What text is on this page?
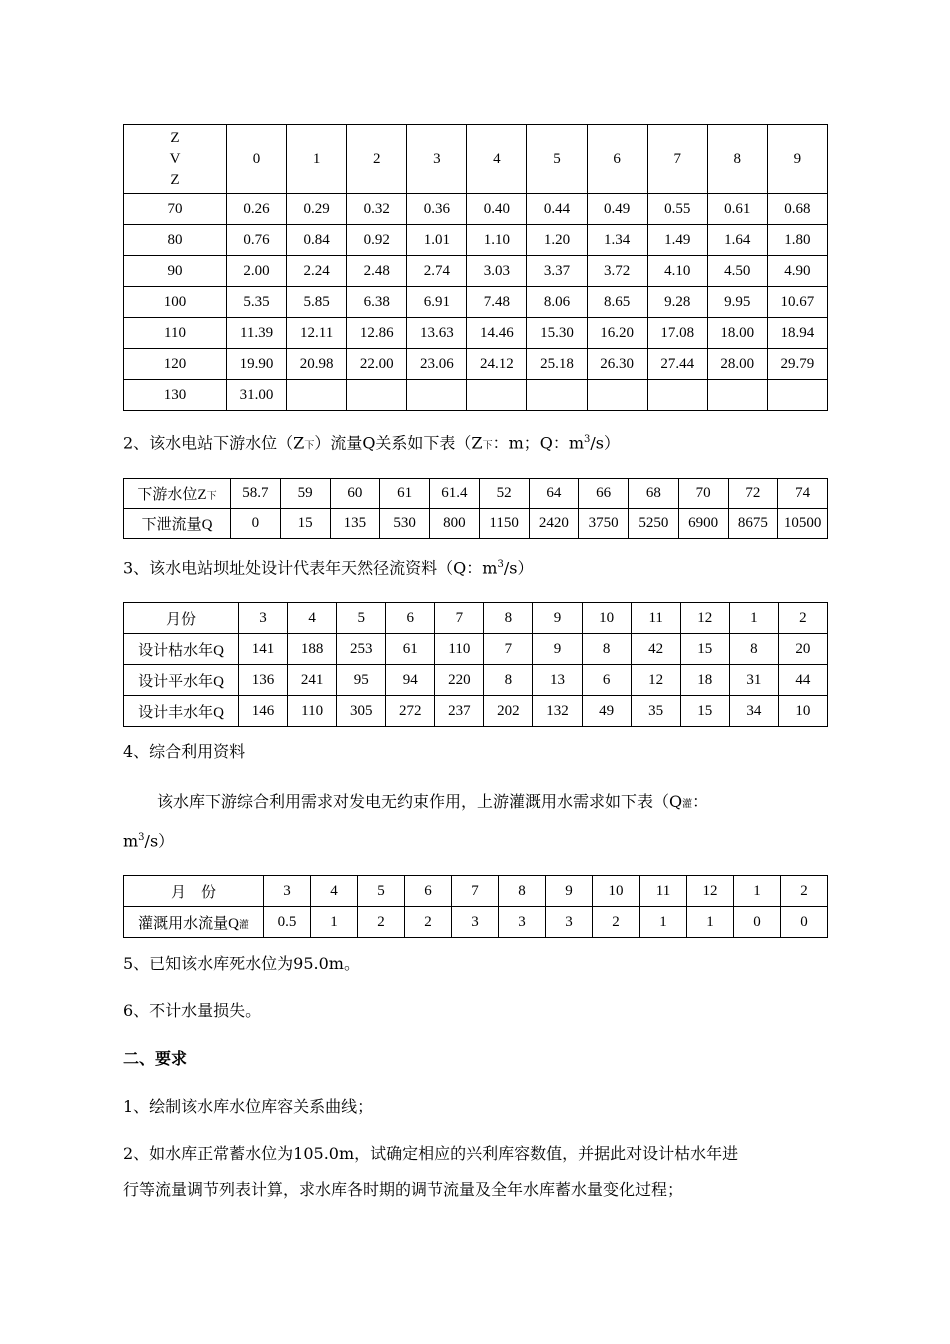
Z
V
Z	0	1	2	3	4	5	6	7	8	9
70	0.26	0.29	0.32	0.36	0.40	0.44	0.49	0.55	0.61	0.68
80	0.76	0.84	0.92	1.01	1.10	1.20	1.34	1.49	1.64	1.80
90	2.00	2.24	2.48	2.74	3.03	3.37	3.72	4.10	4.50	4.90
100	5.35	5.85	6.38	6.91	7.48	8.06	8.65	9.28	9.95	10.67
110	11.39	12.11	12.86	13.63	14.46	15.30	16.20	17.08	18.00	18.94
120	19.90	20.98	22.00	23.06	24.12	25.18	26.30	27.44	28.00	29.79
130	31.00									

2、该水电站下游水位（Z下）流量Q关系如下表（Z下：m；Q：$m^3/s$）

下游水位Z下	58.7	59	60	61	61.4	52	64	66	68	70	72	74
下泄流量Q	0	15	135	530	800	1150	2420	3750	5250	6900	8675	10500

3、该水电站坝址处设计代表年天然径流资料（Q：$m^3/s$）

月份	3	4	5	6	7	8	9	10	11	12	1	2
设计枯水年Q	141	188	253	61	110	7	9	8	42	15	8	20
设计平水年Q	136	241	95	94	220	8	13	6	12	18	31	44
设计丰水年Q	146	110	305	272	237	202	132	49	35	15	34	10

4、综合利用资料

该水库下游综合利用需求对发电无约束作用，上游灌溉用水需求如下表（Q灌：

$m^3/s$）

月　份	3	4	5	6	7	8	9	10	11	12	1	2
灌溉用水流量Q灌	0.5	1	2	2	3	3	3	2	1	1	0	0

5、已知该水库死水位为95.0m。

6、不计水量损失。

二、要求

1、绘制该水库水位库容关系曲线；

2、如水库正常蓄水位为105.0m，试确定相应的兴利库容数值，并据此对设计枯水年进

行等流量调节列表计算，求水库各时期的调节流量及全年水库蓄水量变化过程；
